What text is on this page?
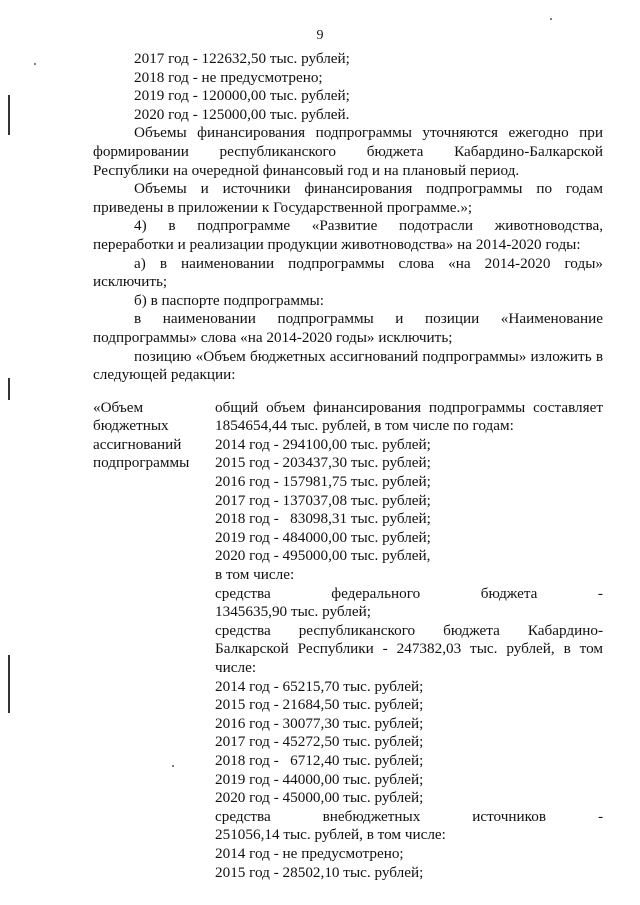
9
2017 год - 122632,50 тыс. рублей;
2018 год - не предусмотрено;
2019 год - 120000,00 тыс. рублей;
2020 год - 125000,00 тыс. рублей.
Объемы финансирования подпрограммы уточняются ежегодно при
формировании республиканского бюджета Кабардино-Балкарской
Республики на очередной финансовый год и на плановый период.
Объемы и источники финансирования подпрограммы по годам
приведены в приложении к Государственной программе.»;
4) в подпрограмме «Развитие подотрасли животноводства,
переработки и реализации продукции животноводства» на 2014-2020 годы:
а) в наименовании подпрограммы слова «на 2014-2020 годы»
исключить;
б) в паспорте подпрограммы:
в наименовании подпрограммы и позиции «Наименование
подпрограммы» слова «на 2014-2020 годы» исключить;
позицию «Объем бюджетных ассигнований подпрограммы» изложить в
следующей редакции:
«Объем
бюджетных
ассигнований
подпрограммы
общий объем финансирования подпрограммы составляет
1854654,44 тыс. рублей, в том числе по годам:
2014 год - 294100,00 тыс. рублей;
2015 год - 203437,30 тыс. рублей;
2016 год - 157981,75 тыс. рублей;
2017 год - 137037,08 тыс. рублей;
2018 год -   83098,31 тыс. рублей;
2019 год - 484000,00 тыс. рублей;
2020 год - 495000,00 тыс. рублей,
в том числе:
средства федерального бюджета -
1345635,90 тыс. рублей;
средства республиканского бюджета Кабардино-
Балкарской Республики - 247382,03 тыс. рублей, в том
числе:
2014 год - 65215,70 тыс. рублей;
2015 год - 21684,50 тыс. рублей;
2016 год - 30077,30 тыс. рублей;
2017 год - 45272,50 тыс. рублей;
2018 год -   6712,40 тыс. рублей;
2019 год - 44000,00 тыс. рублей;
2020 год - 45000,00 тыс. рублей;
средства внебюджетных источников -
251056,14 тыс. рублей, в том числе:
2014 год - не предусмотрено;
2015 год - 28502,10 тыс. рублей;
